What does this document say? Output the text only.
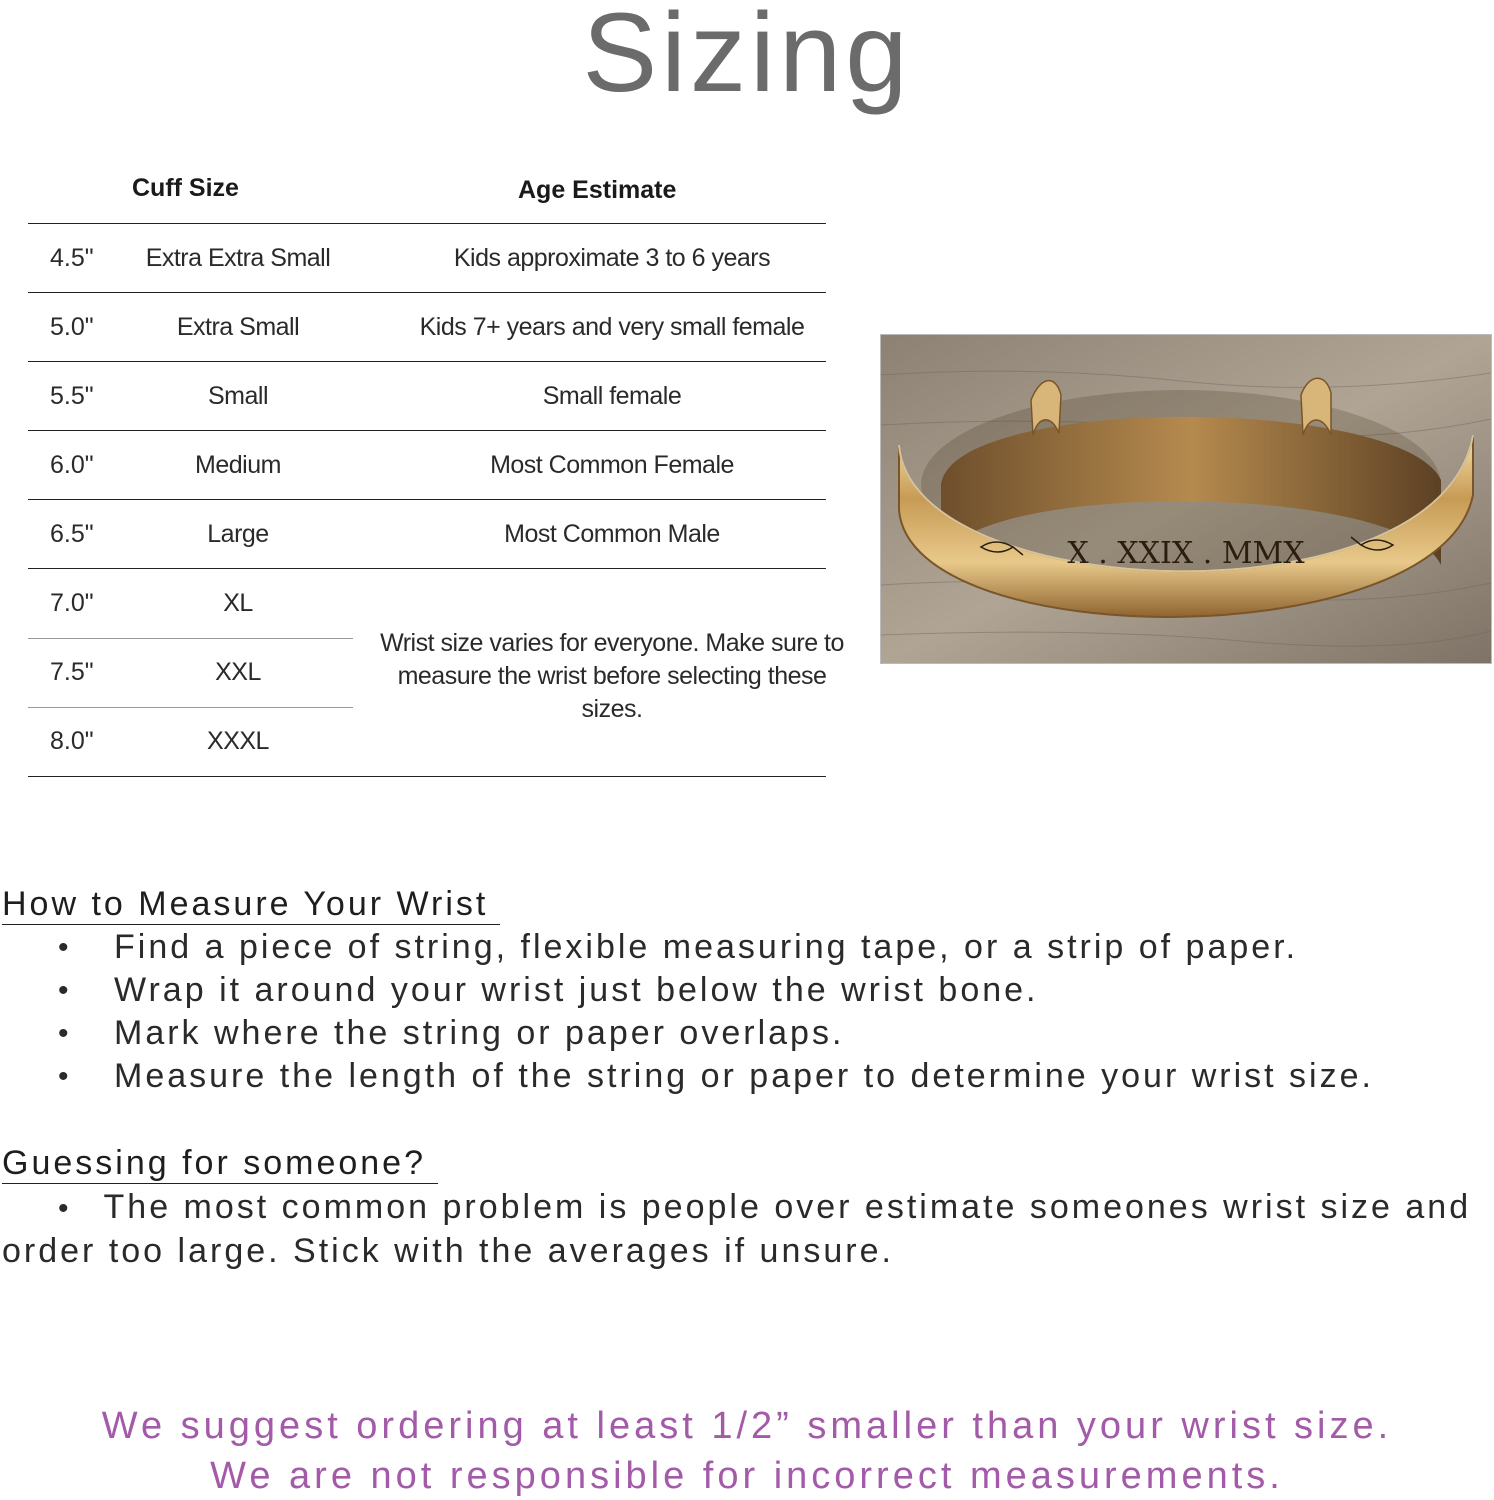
Sizing
Cuff Size	Age Estimate
4.5"	Extra Extra Small	Kids approximate 3 to 6 years
5.0"	Extra Small	Kids 7+ years and very small female
5.5"	Small	Small female
6.0"	Medium	Most Common Female
6.5"	Large	Most Common Male
7.0"	XL
7.5"	XXL
8.0"	XXXL
Wrist size varies for everyone. Make sure to measure the wrist before selecting these sizes.
X . XXIX . MMX
How to Measure Your Wrist
• Find a piece of string, flexible measuring tape, or a strip of paper.
• Wrap it around your wrist just below the wrist bone.
• Mark where the string or paper overlaps.
• Measure the length of the string or paper to determine your wrist size.
Guessing for someone?
• The most common problem is people over estimate someones wrist size and order too large. Stick with the averages if unsure.
We suggest ordering at least 1/2” smaller than your wrist size.
We are not responsible for incorrect measurements.
